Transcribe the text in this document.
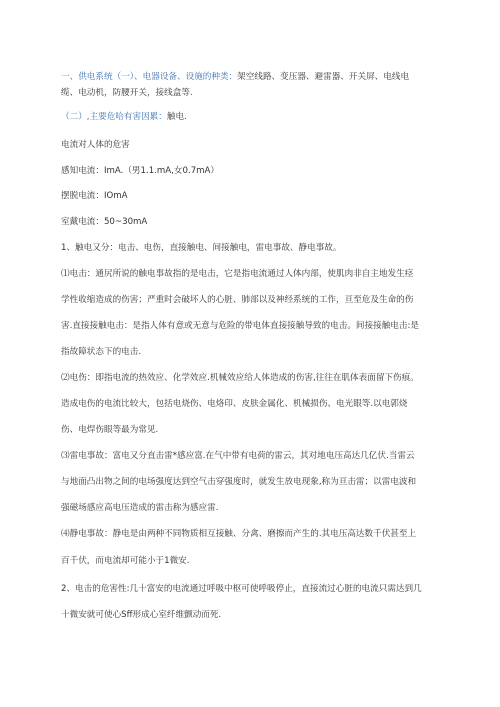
一、供电系统（一）、电器设备、设施的种类：架空线路、变压器、避雷器、开关屏、电线电
缆、电动机，防腰开关，接线盒等.
（二）,主要危哈有害因累：触电.
电流对人体的危害
感知电流：ImA.（男1.1.mA,女0.7mA）
摆脱电流：IOmA
室戴电流：50~30mA
1、触电又分：电击、电伤，直接触电、间接触电，雷电事故、静电事故。
⑴电击：通尻所说的触电事故指的是电击，它是指电流通过人体内部，使肌肉非自主地发生痉
学性收缩造成的伤害；严重时会破坏人的心脏、肺部以及神经系统的工作，亘至危及生命的伤
害.直接接触电击：是指人体有意或无意与危险的带电体直接接触导致的电击。间接接触电击:是
指故障状态下的电击.
⑵电伤：即指电流的热效应、化学效应.机械效应给人体造成的伤害,往往在肌体表面留下伤痕。
造成电伤的电流比较大，包括电烧伤、电烙印、皮肤金属化、机械损伤、电光眼等.以电郭烧
伤、电焊伤眼等最为常见.
⑶雷电事故：富电又分直击雷*感应富.在气中带有电荷的雷云，其对地电压高达几亿伏.当雷云
与地面凸出物之间的电场强度达到空气击穿强度时，就发生放电现象,称为亘击雷；以雷电波和
强磁场感应高电压造成的雷击称为感应雷.
⑷静电事故：静电是由两种不同物质相互接触、分禽、磨擦而产生的.其电压高达数千伏甚至上
百千伏，而电流却可能小于1微安.
2、电击的危害性:几十富安的电流通过呼吸中枢可使呼吸停止，直接流过心脏的电流只需达到几
十微安就可使心Sff形成心室纤维颤动而死.
